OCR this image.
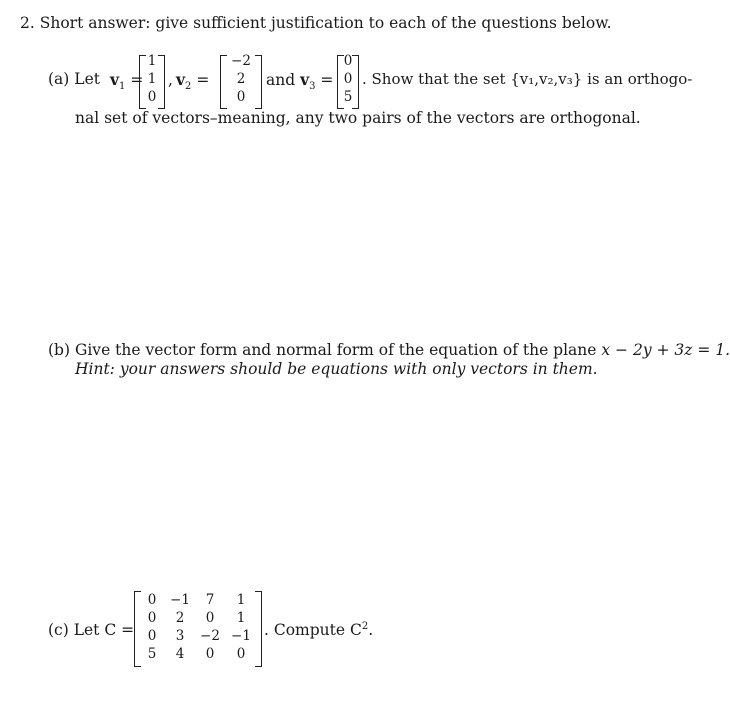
2. Short answer: give sufficient justification to each of the questions below.
(a) Let $v_1$ =
1
1
0
, $v_2$ =
−2
2
0
and $v_3$ =
0
0
5
. Show that the set {v₁,v₂,v₃} is an orthogo-
nal set of vectors–meaning, any two pairs of the vectors are orthogonal.
(b) Give the vector form and normal form of the equation of the plane x − 2y + 3z = 1.
Hint: your answers should be equations with only vectors in them.
(c) Let C =
0	−1	7	1
0	2	0	1
0	3	−2 −1
5	4	0	0
. Compute $C^2$.
